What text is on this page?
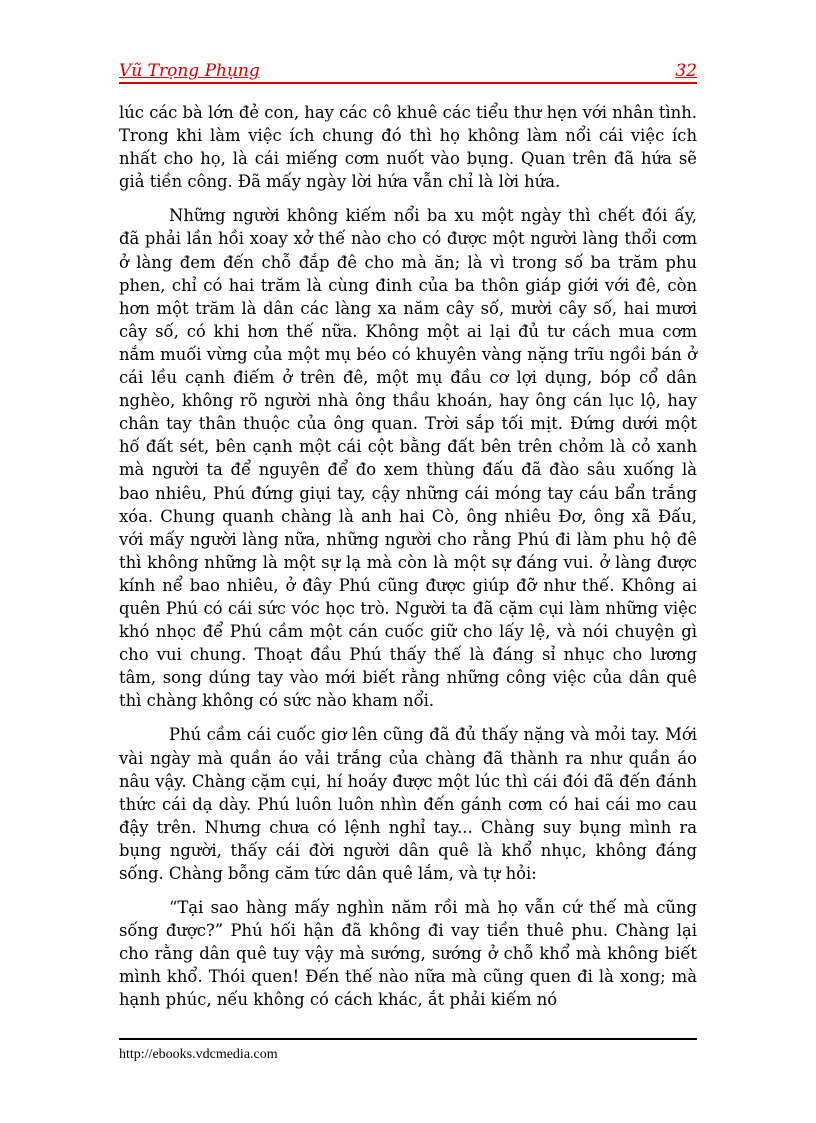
Vũ Trọng Phụng	32

lúc các bà lớn đẻ con, hay các cô khuê các tiểu thư hẹn với nhân tình. Trong khi làm việc ích chung đó thì họ không làm nổi cái việc ích nhất cho họ, là cái miếng cơm nuốt vào bụng. Quan trên đã hứa sẽ giả tiền công. Đã mấy ngày lời hứa vẫn chỉ là lời hứa.

Những người không kiếm nổi ba xu một ngày thì chết đói ấy, đã phải lần hồi xoay xở thế nào cho có được một người làng thổi cơm ở làng đem đến chỗ đắp đê cho mà ăn; là vì trong số ba trăm phu phen, chỉ có hai trăm là cùng đinh của ba thôn giáp giới với đê, còn hơn một trăm là dân các làng xa năm cây số, mười cây số, hai mươi cây số, có khi hơn thế nữa. Không một ai lại đủ tư cách mua cơm nắm muối vừng của một mụ béo có khuyên vàng nặng trĩu ngồi bán ở cái lều cạnh điếm ở trên đê, một mụ đầu cơ lợi dụng, bóp cổ dân nghèo, không rõ người nhà ông thầu khoán, hay ông cán lục lộ, hay chân tay thân thuộc của ông quan. Trời sắp tối mịt. Đứng dưới một hố đất sét, bên cạnh một cái cột bằng đất bên trên chỏm là cỏ xanh mà người ta để nguyên để đo xem thùng đấu đã đào sâu xuống là bao nhiêu, Phú đứng giụi tay, cậy những cái móng tay cáu bẩn trắng xóa. Chung quanh chàng là anh hai Cò, ông nhiêu Đơ, ông xã Đấu, với mấy người làng nữa, những người cho rằng Phú đi làm phu hộ đê thì không những là một sự lạ mà còn là một sự đáng vui. ở làng được kính nể bao nhiêu, ở đây Phú cũng được giúp đỡ như thế. Không ai quên Phú có cái sức vóc học trò. Người ta đã cặm cụi làm những việc khó nhọc để Phú cầm một cán cuốc giữ cho lấy lệ, và nói chuyện gì cho vui chung. Thoạt đầu Phú thấy thế là đáng sỉ nhục cho lương tâm, song dúng tay vào mới biết rằng những công việc của dân quê thì chàng không có sức nào kham nổi.

Phú cầm cái cuốc giơ lên cũng đã đủ thấy nặng và mỏi tay. Mới vài ngày mà quần áo vải trắng của chàng đã thành ra như quần áo nâu vậy. Chàng cặm cụi, hí hoáy được một lúc thì cái đói đã đến đánh thức cái dạ dày. Phú luôn luôn nhìn đến gánh cơm có hai cái mo cau đậy trên. Nhưng chưa có lệnh nghỉ tay... Chàng suy bụng mình ra bụng người, thấy cái đời người dân quê là khổ nhục, không đáng sống. Chàng bỗng căm tức dân quê lắm, và tự hỏi:

“Tại sao hàng mấy nghìn năm rồi mà họ vẫn cứ thế mà cũng sống được?” Phú hối hận đã không đi vay tiền thuê phu. Chàng lại cho rằng dân quê tuy vậy mà sướng, sướng ở chỗ khổ mà không biết mình khổ. Thói quen! Đến thế nào nữa mà cũng quen đi là xong; mà hạnh phúc, nếu không có cách khác, ắt phải kiếm nó

http://ebooks.vdcmedia.com
